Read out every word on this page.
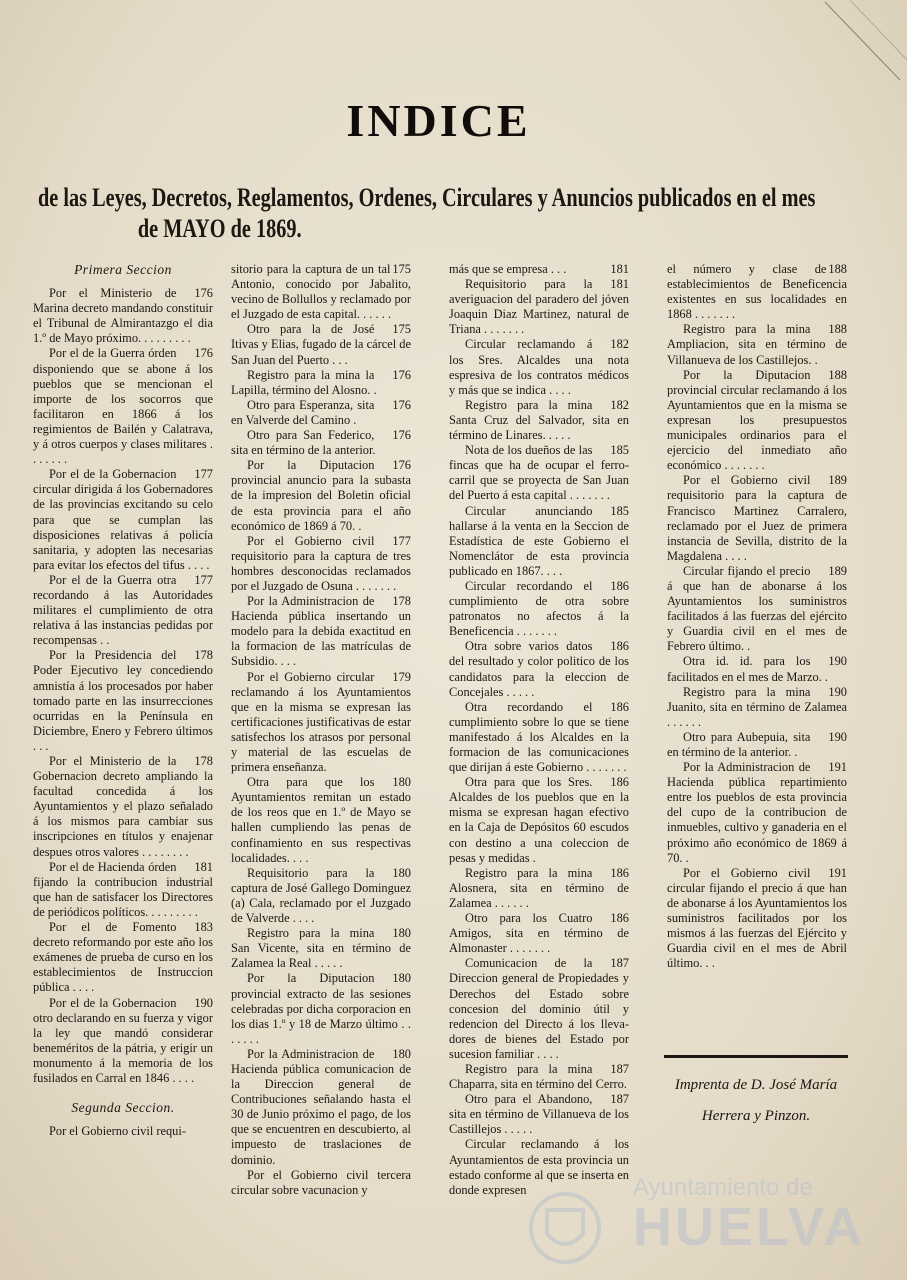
INDICE
de las Leyes, Decretos, Reglamentos, Ordenes, Circulares y Anuncios publicados en el mes
de MAYO de 1869.
Primera Seccion

176
Por el Ministerio de Marina decreto mandando constituir el Tribunal de Almirantazgo el dia 1.º de Mayo próximo. . . . . . . . .

176
Por el de la Guerra órden disponiendo que se abone á los pueblos que se mencionan el importe de los socorros que facilitaron en 1866 á los regimientos de Bailén y Calatrava, y á otros cuerpos y clases militares . . . . . . .

177
Por el de la Gobernacion circular dirigida á los Gobernadores de las provincias excitando su celo para que se cumplan las disposiciones relativas á policía sanitaria, y adopten las necesarias para evitar los efectos del tifus . . . .

177
Por el de la Guerra otra recordando á las Autoridades militares el cumplimiento de otra relativa á las instancias pedidas por recompensas . .

178
Por la Presidencia del Poder Ejecutivo ley concediendo amnistía á los procesados por haber tomado parte en las insurrecciones ocurridas en la Península en Diciembre, Enero y Febrero últimos . . .

178
Por el Ministerio de la Gobernacion decreto ampliando la facultad concedida á los Ayuntamientos y el plazo señalado á los mismos para cambiar sus inscripciones en títulos y enajenar despues otros valores . . . . . . . .

181
Por el de Hacienda órden fijando la contribucion industrial que han de satisfacer los Directores de periódicos políticos. . . . . . . . .

183
Por el de Fomento decreto reformando por este año los exámenes de prueba de curso en los establecimientos de Instruccion pública . . . .

190
Por el de la Gobernacion otro declarando en su fuerza y vigor la ley que mandó considerar beneméritos de la pátria, y erigir un monumento á la memoria de los fusilados en Carral en 1846 . . . .

Segunda Seccion.

Por el Gobierno civil requi-

175
sitorio para la captura de un tal Antonio, conocido por Jabalito, vecino de Bollullos y reclamado por el Juzgado de esta capital. . . . . .

175
Otro para la de José Itivas y Elias, fugado de la cárcel de San Juan del Puerto . . .

176
Registro para la mina la Lapilla, término del Alosno. .

176
Otro para Esperanza, sita en Valverde del Camino .

176
Otro para San Federico, sita en término de la anterior.

176
Por la Diputacion provincial anuncio para la subasta de la impresion del Boletin oficial de esta provincia para el año económico de 1869 á 70. .

177
Por el Gobierno civil requisitorio para la captura de tres hombres desconocidas reclamados por el Juzgado de Osuna . . . . . . .

178
Por la Administracion de Hacienda pública insertando un modelo para la debida exactitud en la formacion de las matrículas de Subsidio. . . .

179
Por el Gobierno circular reclamando á los Ayuntamientos que en la misma se expresan las certificaciones justificativas de estar satisfechos los atrasos por personal y material de las escuelas de primera enseñanza.

180
Otra para que los Ayuntamientos remitan un estado de los reos que en 1.º de Mayo se hallen cumpliendo las penas de confinamiento en sus respectivas localidades. . . .

180
Requisitorio para la captura de José Gallego Dominguez (a) Cala, reclamado por el Juzgado de Valverde . . . .

180
Registro para la mina San Vicente, sita en término de Zalamea la Real . . . . .

180
Por la Diputacion provincial extracto de las sesiones celebradas por dicha corporacion en los dias 1.º y 18 de Marzo último . . . . . . .

180
Por la Administracion de Hacienda pública comunicacion de la Direccion general de Contribuciones señalando hasta el 30 de Junio próximo el pago, de los que se encuentren en descubierto, al impuesto de traslaciones de dominio.

Por el Gobierno civil tercera circular sobre vacunacion y

181
más que se empresa . . .

181
Requisitorio para la averiguacion del paradero del jóven Joaquin Diaz Martinez, natural de Triana . . . . . . .

182
Circular reclamando á los Sres. Alcaldes una nota espresiva de los contratos médicos y más que se indica . . . .

182
Registro para la mina Santa Cruz del Salvador, sita en término de Linares. . . . .

185
Nota de los dueños de las fincas que ha de ocupar el ferro-carril que se proyecta de San Juan del Puerto á esta capital . . . . . . .

185
Circular anunciando hallarse á la venta en la Seccion de Estadística de este Gobierno el Nomenclátor de esta provincia publicado en 1867. . . .

186
Circular recordando el cumplimiento de otra sobre patronatos no afectos á la Beneficencia . . . . . . .

186
Otra sobre varios datos del resultado y color politico de los candidatos para la eleccion de Concejales . . . . .

186
Otra recordando el cumplimiento sobre lo que se tiene manifestado á los Alcaldes en la formacion de las comunicaciones que dirijan á este Gobierno . . . . . . .

186
Otra para que los Sres. Alcaldes de los pueblos que en la misma se expresan hagan efectivo en la Caja de Depósitos 60 escudos con destino a una coleccion de pesas y medidas .

186
Registro para la mina Alosnera, sita en término de Zalamea . . . . . .

186
Otro para los Cuatro Amigos, sita en término de Almonaster . . . . . . .

187
Comunicacion de la Direccion general de Propiedades y Derechos del Estado sobre concesion del dominio útil y redencion del Directo á los lleva-dores de bienes del Estado por sucesion familiar . . . .

187
Registro para la mina Chaparra, sita en término del Cerro.

187
Otro para el Abandono, sita en término de Villanueva de los Castillejos . . . . .

Circular reclamando á los Ayuntamientos de esta provincia un estado conforme al que se inserta en donde expresen

188
el número y clase de establecimientos de Beneficencia existentes en sus localidades en 1868 . . . . . . .

188
Registro para la mina Ampliacion, sita en término de Villanueva de los Castillejos. .

188
Por la Diputacion provincial circular reclamando á los Ayuntamientos que en la misma se expresan los presupuestos municipales ordinarios para el ejercicio del inmediato año económico . . . . . . .

189
Por el Gobierno civil requisitorio para la captura de Francisco Martinez Carralero, reclamado por el Juez de primera instancia de Sevilla, distrito de la Magdalena . . . .

189
Circular fijando el precio á que han de abonarse á los Ayuntamientos los suministros facilitados á las fuerzas del ejército y Guardia civil en el mes de Febrero último. .

190
Otra id. id. para los facilitados en el mes de Marzo. .

190
Registro para la mina Juanito, sita en término de Zalamea . . . . . .

190
Otro para Aubepuia, sita en término de la anterior. .

191
Por la Administracion de Hacienda pública repartimiento entre los pueblos de esta provincia del cupo de la contribucion de inmuebles, cultivo y ganaderia en el próximo año económico de 1869 á 70. .

191
Por el Gobierno civil circular fijando el precio á que han de abonarse á los Ayuntamientos los suministros facilitados por los mismos á las fuerzas del Ejército y Guardia civil en el mes de Abril último. . .

Imprenta de D. José María
Herrera y Pinzon.
Ayuntamiento de
HUELVA
